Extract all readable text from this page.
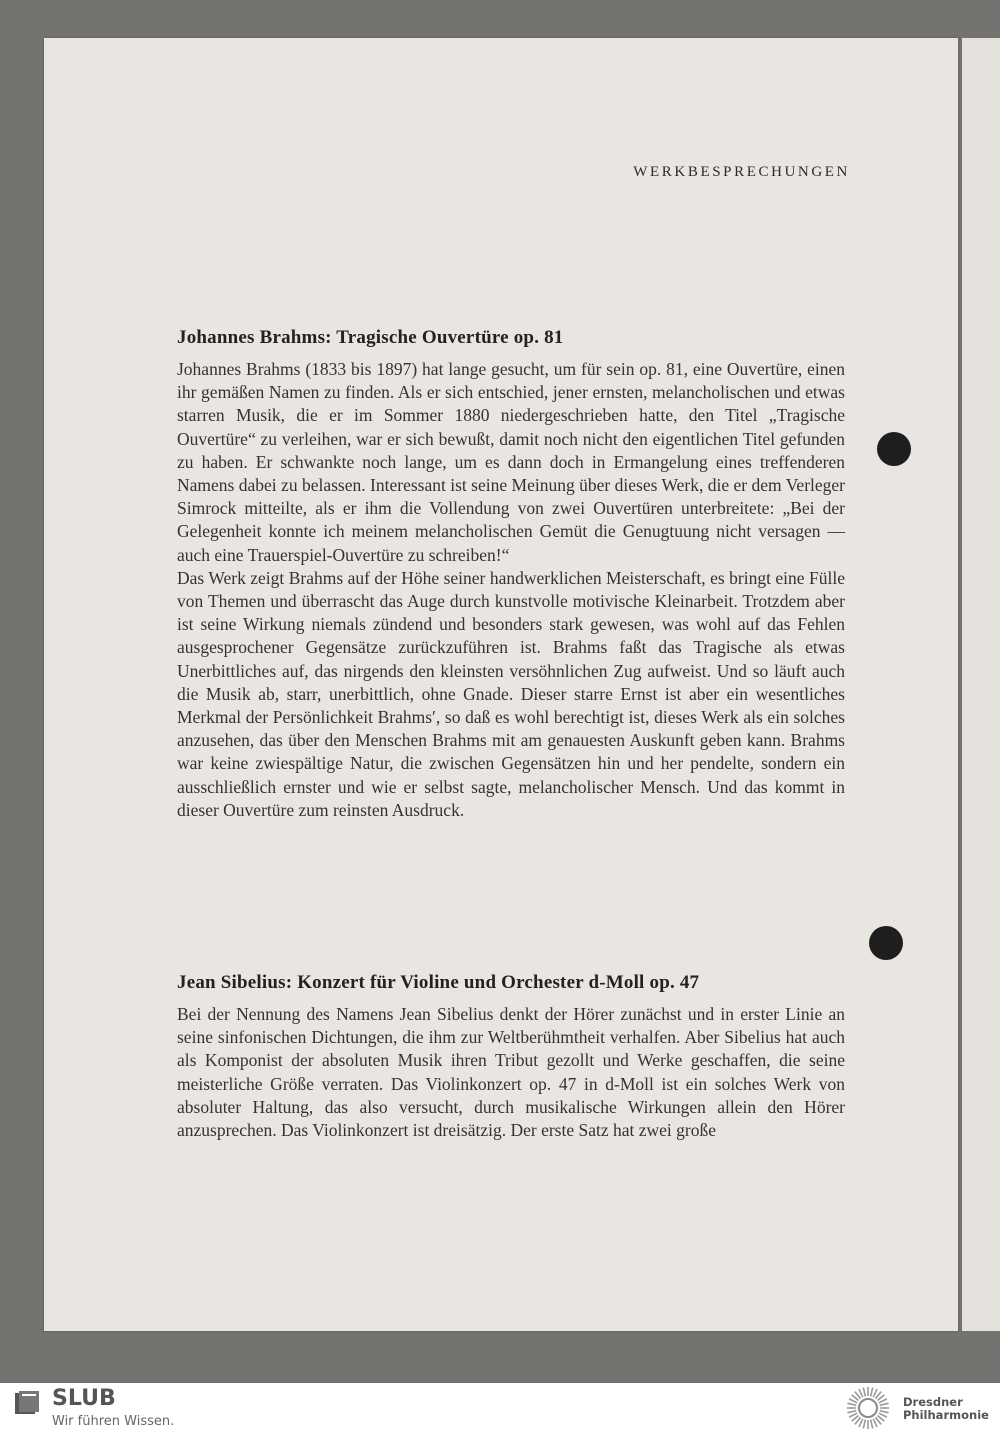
WERKBESPRECHUNGEN
Johannes Brahms: Tragische Ouvertüre op. 81

Johannes Brahms (1833 bis 1897) hat lange gesucht, um für sein op. 81, eine Ouvertüre, einen ihr gemäßen Namen zu finden. Als er sich entschied, jener ernsten, melancholischen und etwas starren Musik, die er im Sommer 1880 niedergeschrieben hatte, den Titel „Tragische Ouvertüre“ zu verleihen, war er sich bewußt, damit noch nicht den eigentlichen Titel gefunden zu haben. Er schwankte noch lange, um es dann doch in Ermangelung eines treffenderen Namens dabei zu belassen. Interessant ist seine Meinung über dieses Werk, die er dem Verleger Simrock mitteilte, als er ihm die Vollendung von zwei Ouvertüren unterbreitete: „Bei der Gelegenheit konnte ich meinem melancholischen Gemüt die Genugtuung nicht versagen — auch eine Trauerspiel-Ouvertüre zu schreiben!“

Das Werk zeigt Brahms auf der Höhe seiner handwerklichen Meisterschaft, es bringt eine Fülle von Themen und überrascht das Auge durch kunstvolle motivische Kleinarbeit. Trotzdem aber ist seine Wirkung niemals zündend und besonders stark gewesen, was wohl auf das Fehlen ausgesprochener Gegensätze zurückzuführen ist. Brahms faßt das Tragische als etwas Unerbittliches auf, das nirgends den kleinsten versöhnlichen Zug aufweist. Und so läuft auch die Musik ab, starr, unerbittlich, ohne Gnade. Dieser starre Ernst ist aber ein wesentliches Merkmal der Persönlichkeit Brahms′, so daß es wohl berechtigt ist, dieses Werk als ein solches anzusehen, das über den Menschen Brahms mit am genauesten Auskunft geben kann. Brahms war keine zwiespältige Natur, die zwischen Gegensätzen hin und her pendelte, sondern ein ausschließlich ernster und wie er selbst sagte, melancholischer Mensch. Und das kommt in dieser Ouvertüre zum reinsten Ausdruck.

Jean Sibelius: Konzert für Violine und Orchester d-Moll op. 47

Bei der Nennung des Namens Jean Sibelius denkt der Hörer zunächst und in erster Linie an seine sinfonischen Dichtungen, die ihm zur Weltberühmtheit verhalfen. Aber Sibelius hat auch als Komponist der absoluten Musik ihren Tribut gezollt und Werke geschaffen, die seine meisterliche Größe verraten. Das Violinkonzert op. 47 in d-Moll ist ein solches Werk von absoluter Haltung, das also versucht, durch musikalische Wirkungen allein den Hörer anzusprechen. Das Violinkonzert ist dreisätzig. Der erste Satz hat zwei große

SLUB
Wir führen Wissen.
Dresdner
Philharmonie
